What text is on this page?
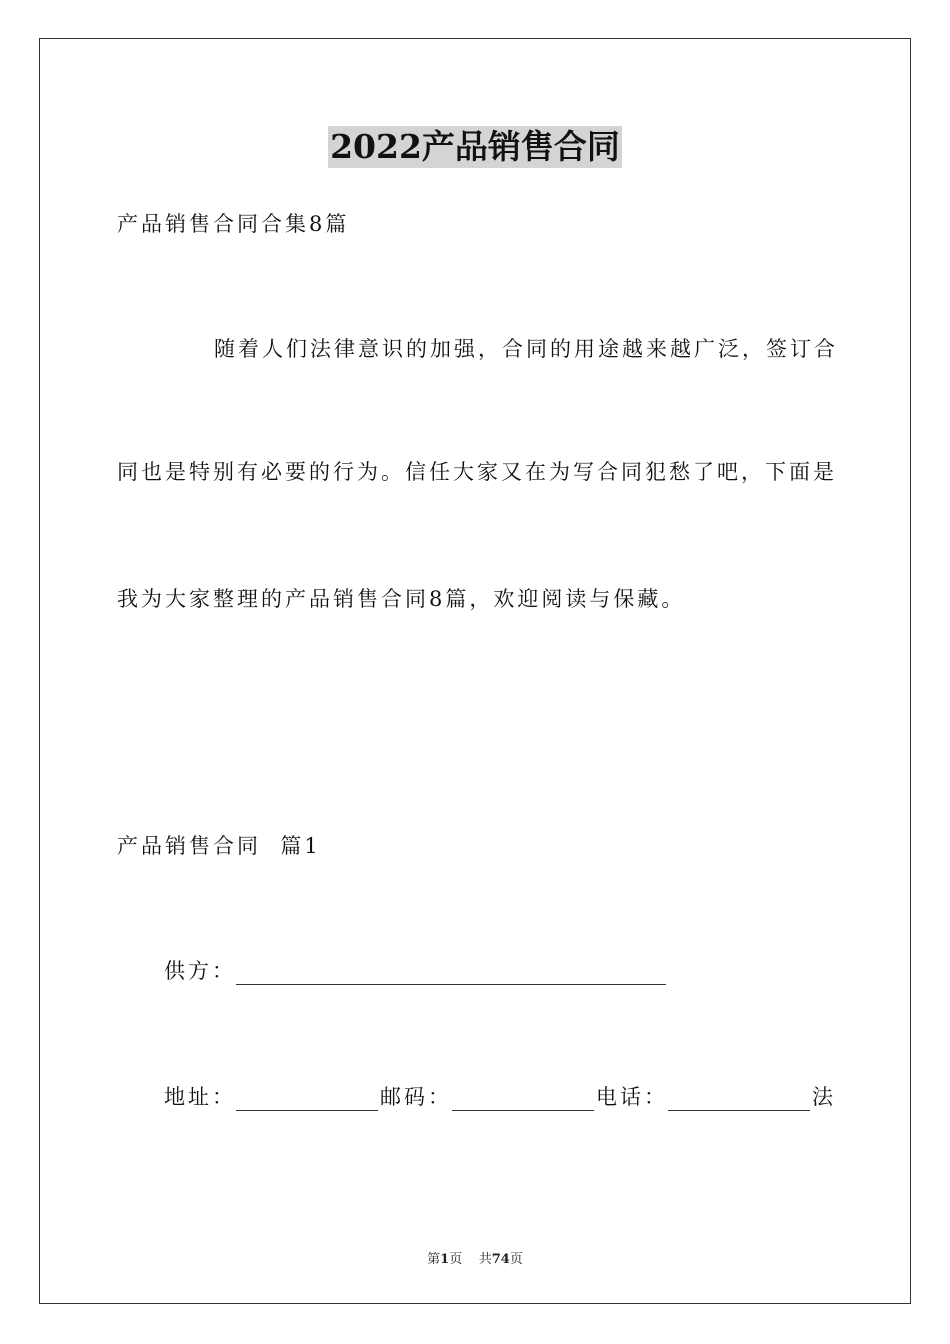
2022产品销售合同
产品销售合同合集8篇
随着人们法律意识的加强，合同的用途越来越广泛，签订合
同也是特别有必要的行为。信任大家又在为写合同犯愁了吧，下面是
我为大家整理的产品销售合同8篇，欢迎阅读与保藏。
产品销售合同  篇1
供方：
地址：	邮码：	电话：	法
第1页 共74页
